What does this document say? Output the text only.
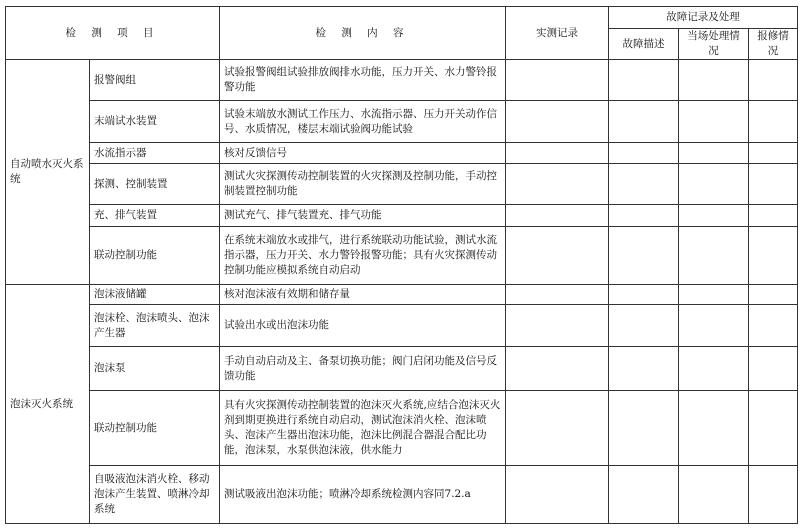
检 测 项 目		检 测 内 容	实测记录	故障记录及处理		
				故障描述	当场处理情况	报修情况
自动喷水灭火系统	报警阀组	试验报警阀组试验排放阀排水功能，压力开关、水力警铃报警功能				
	末端试水装置	试验末端放水测试工作压力、水流指示器、压力开关动作信号、水质情况，楼层末端试验阀功能试验				
	水流指示器	核对反馈信号				
	探测、控制装置	测试火灾探测传动控制装置的火灾探测及控制功能，手动控制装置控制功能				
	充、排气装置	测试充气、排气装置充、排气功能				
	联动控制功能	在系统末端放水或排气，进行系统联动功能试验，测试水流指示器，压力开关、水力警铃报警功能；具有火灾探测传动控制功能应模拟系统自动启动				
泡沫灭火系统	泡沫液储罐	核对泡沫液有效期和储存量				
	泡沫栓、泡沫喷头、泡沫产生器	试验出水或出泡沫功能				
	泡沫泵	手动自动启动及主、备泵切换功能；阀门启闭功能及信号反馈功能				
	联动控制功能	具有火灾探测传动控制装置的泡沫灭火系统,应结合泡沫灭火剂到期更换进行系统自动启动，测试泡沫消火栓、泡沫喷头、泡沫产生器出泡沫功能，泡沫比例混合器混合配比功能，泡沫泵，水泵供泡沫液，供水能力				
	自吸液泡沫消火栓、移动泡沫产生装置、喷淋冷却系统	测试吸液出泡沫功能；喷淋冷却系统检测内容同7.2.a				
